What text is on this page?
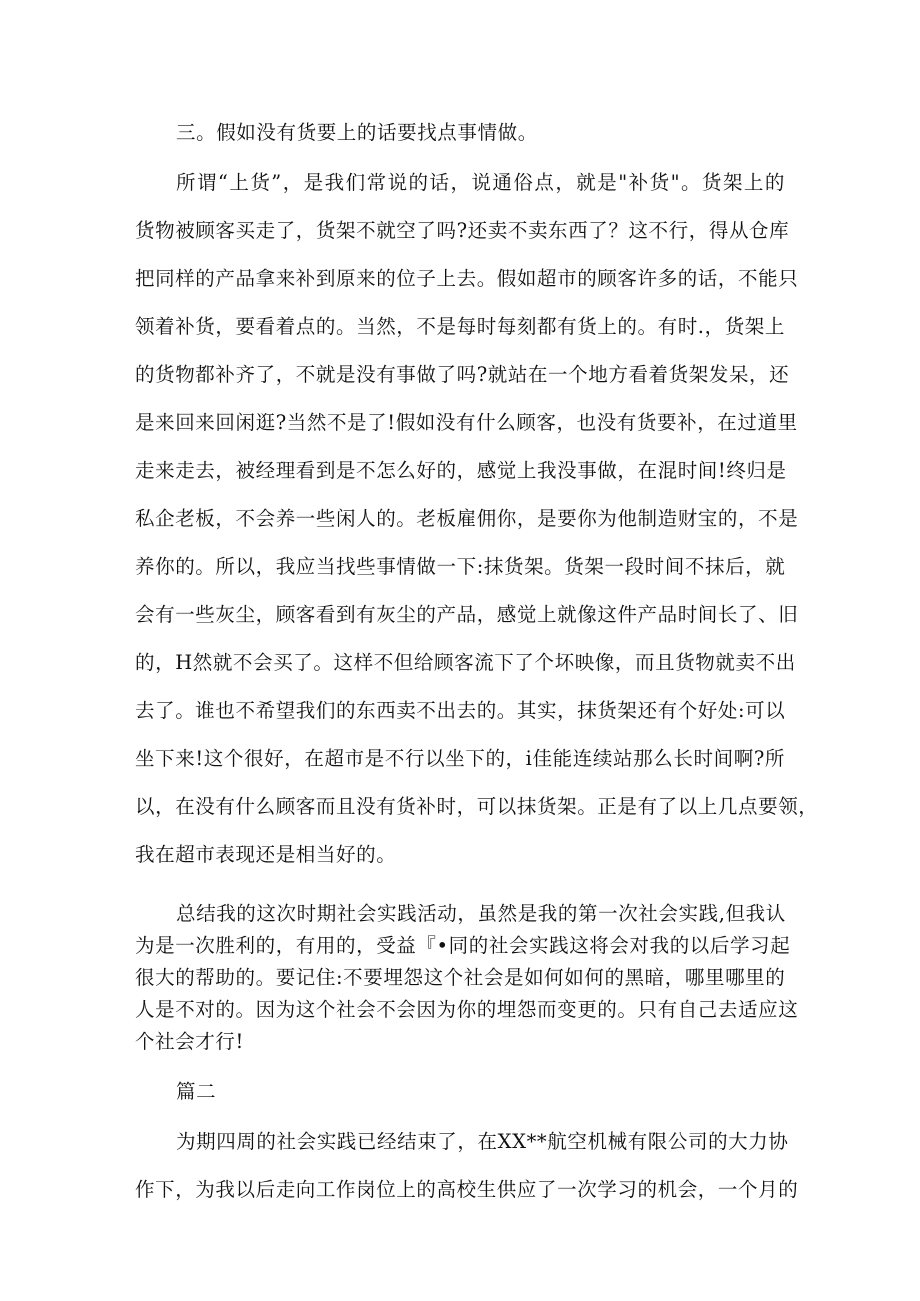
三。假如没有货要上的话要找点事情做。
所谓“上货”，是我们常说的话，说通俗点，就是"补货"。货架上的
货物被顾客买走了，货架不就空了吗?还卖不卖东西了？这不行，得从仓库
把同样的产品拿来补到原来的位子上去。假如超市的顾客许多的话，不能只
领着补货，要看着点的。当然，不是每时每刻都有货上的。有时.，货架上
的货物都补齐了，不就是没有事做了吗?就站在一个地方看着货架发呆，还
是来回来回闲逛?当然不是了!假如没有什么顾客，也没有货要补，在过道里
走来走去，被经理看到是不怎么好的，感觉上我没事做，在混时间!终归是
私企老板，不会养一些闲人的。老板雇佣你，是要你为他制造财宝的，不是
养你的。所以，我应当找些事情做一下:抹货架。货架一段时间不抹后，就
会有一些灰尘，顾客看到有灰尘的产品，感觉上就像这件产品时间长了、旧
的，H然就不会买了。这样不但给顾客流下了个坏映像，而且货物就卖不出
去了。谁也不希望我们的东西卖不出去的。其实，抹货架还有个好处:可以
坐下来!这个很好，在超市是不行以坐下的，i佳能连续站那么长时间啊?所
以，在没有什么顾客而且没有货补时，可以抹货架。正是有了以上几点要领，
我在超市表现还是相当好的。
总结我的这次时期社会实践活动，虽然是我的第一次社会实践,但我认
为是一次胜利的，有用的，受益『•同的社会实践这将会对我的以后学习起
很大的帮助的。要记住:不要埋怨这个社会是如何如何的黑暗，哪里哪里的
人是不对的。因为这个社会不会因为你的埋怨而变更的。只有自己去适应这
个社会才行!
篇二
为期四周的社会实践已经结束了，在XX**航空机械有限公司的大力协
作下，为我以后走向工作岗位上的高校生供应了一次学习的机会，一个月的
